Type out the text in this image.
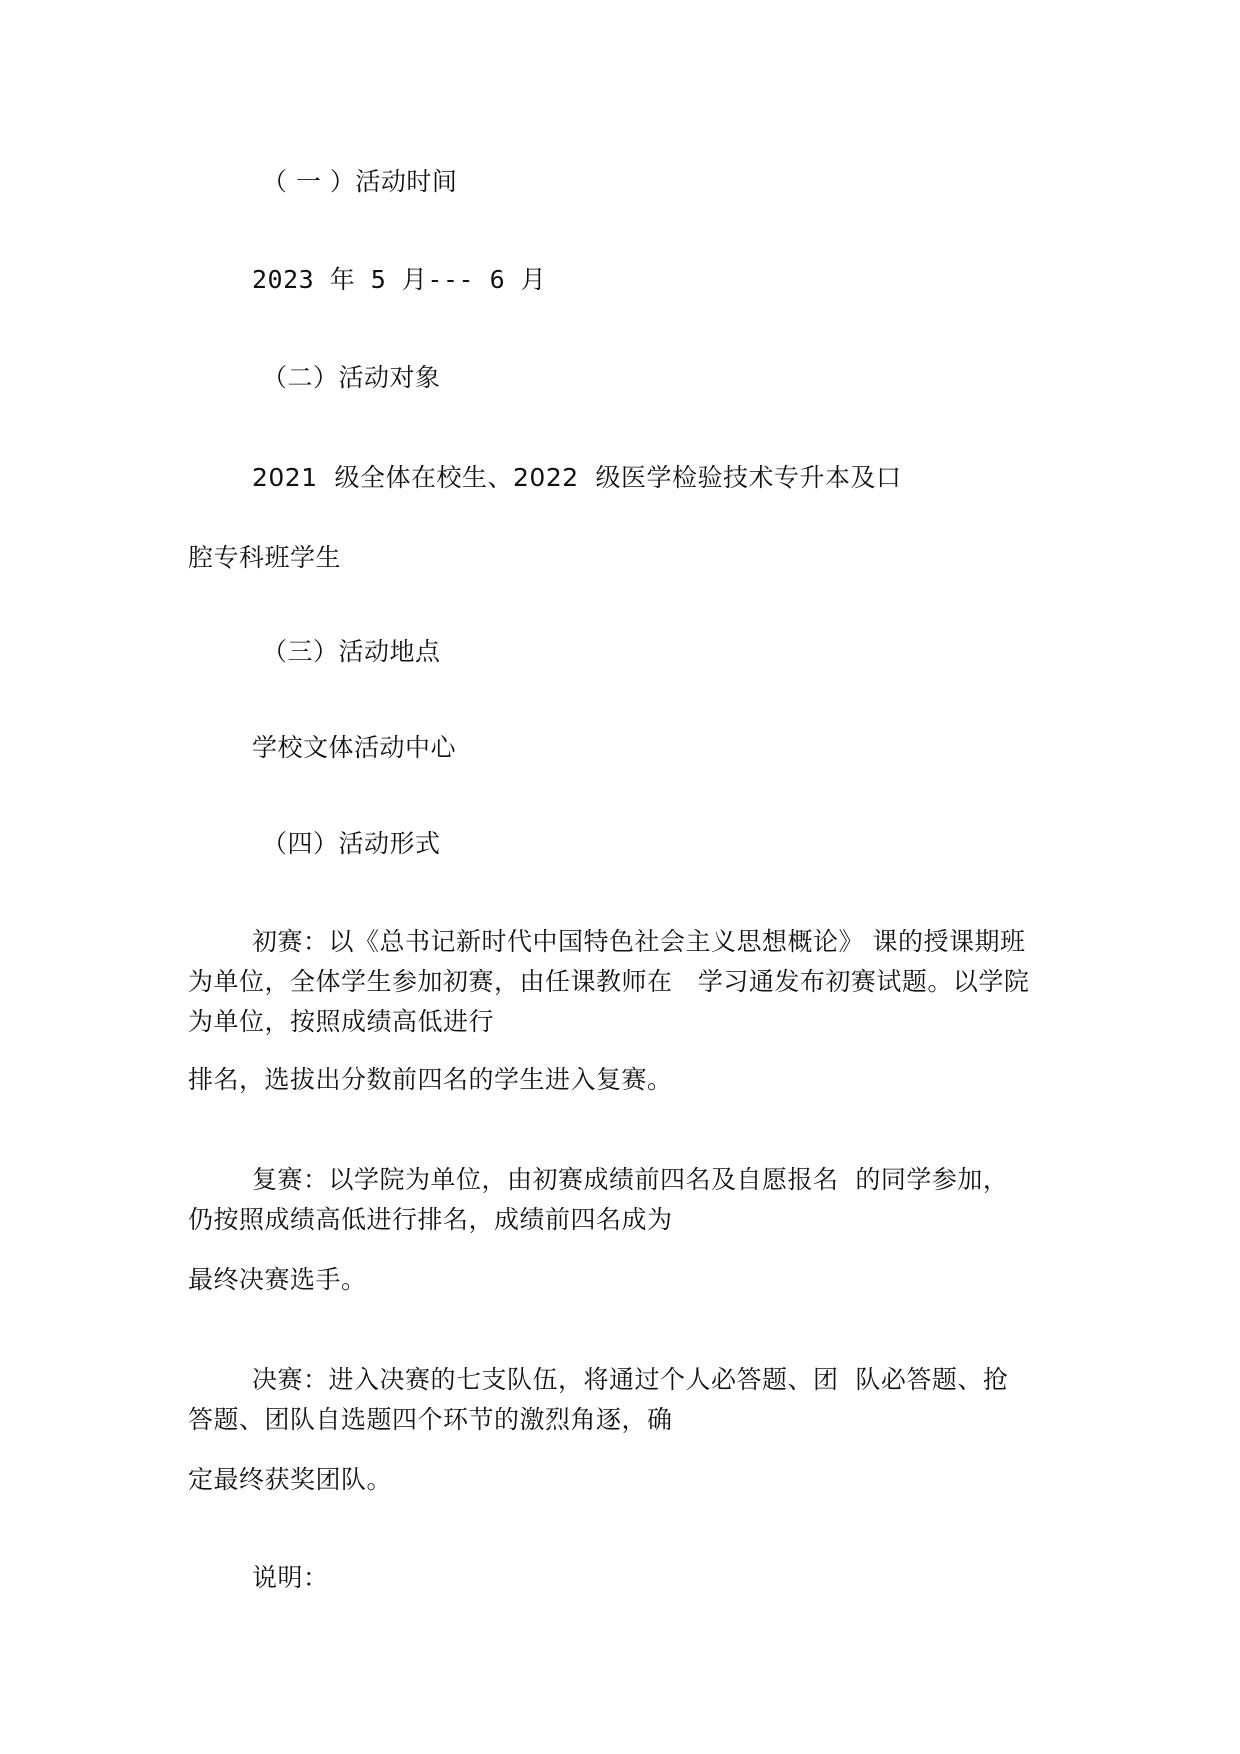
（ 一 ）活动时间
2023 年 5 月--- 6 月
（二）活动对象
2021  级全体在校生、2022  级医学检验技术专升本及口
腔专科班学生
（三）活动地点
学校文体活动中心
（四）活动形式
初赛：以《总书记新时代中国特色社会主义思想概论》 课的授课期班
为单位，全体学生参加初赛，由任课教师在   学习通发布初赛试题。以学院
为单位，按照成绩高低进行
排名，选拔出分数前四名的学生进入复赛。
复赛：以学院为单位，由初赛成绩前四名及自愿报名  的同学参加，
仍按照成绩高低进行排名，成绩前四名成为
最终决赛选手。
决赛：进入决赛的七支队伍，将通过个人必答题、团  队必答题、抢
答题、团队自选题四个环节的激烈角逐，确
定最终获奖团队。
说明：
